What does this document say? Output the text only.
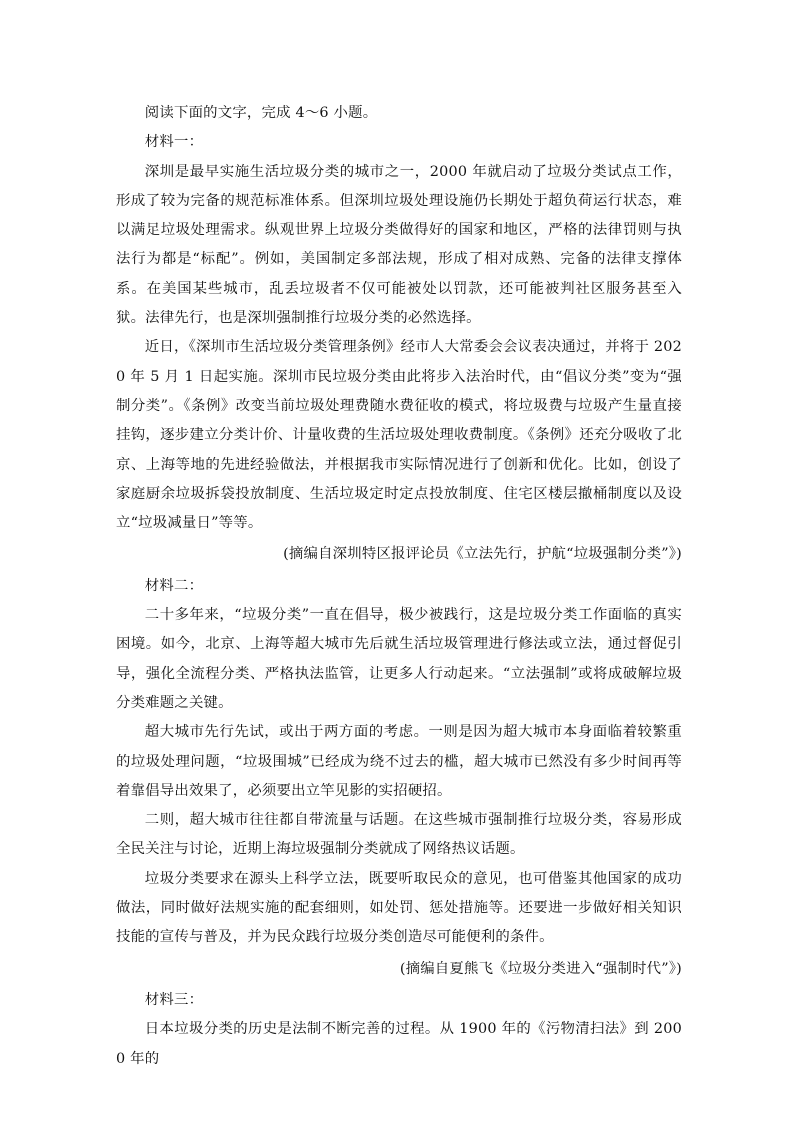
阅读下面的文字，完成 4～6 小题。

材料一：

深圳是最早实施生活垃圾分类的城市之一，2000 年就启动了垃圾分类试点工作，形成了较为完备的规范标准体系。但深圳垃圾处理设施仍长期处于超负荷运行状态，难以满足垃圾处理需求。纵观世界上垃圾分类做得好的国家和地区，严格的法律罚则与执法行为都是“标配”。例如，美国制定多部法规，形成了相对成熟、完备的法律支撑体系。在美国某些城市，乱丢垃圾者不仅可能被处以罚款，还可能被判社区服务甚至入狱。法律先行，也是深圳强制推行垃圾分类的必然选择。

近日，《深圳市生活垃圾分类管理条例》经市人大常委会会议表决通过，并将于 2020 年 5 月 1 日起实施。深圳市民垃圾分类由此将步入法治时代，由“倡议分类”变为“强制分类”。《条例》改变当前垃圾处理费随水费征收的模式，将垃圾费与垃圾产生量直接挂钩，逐步建立分类计价、计量收费的生活垃圾处理收费制度。《条例》还充分吸收了北京、上海等地的先进经验做法，并根据我市实际情况进行了创新和优化。比如，创设了家庭厨余垃圾拆袋投放制度、生活垃圾定时定点投放制度、住宅区楼层撤桶制度以及设立“垃圾减量日”等等。

(摘编自深圳特区报评论员《立法先行，护航“垃圾强制分类”》)

材料二：

二十多年来，“垃圾分类”一直在倡导，极少被践行，这是垃圾分类工作面临的真实困境。如今，北京、上海等超大城市先后就生活垃圾管理进行修法或立法，通过督促引导，强化全流程分类、严格执法监管，让更多人行动起来。“立法强制”或将成破解垃圾分类难题之关键。

超大城市先行先试，或出于两方面的考虑。一则是因为超大城市本身面临着较繁重的垃圾处理问题，“垃圾围城”已经成为绕不过去的槛，超大城市已然没有多少时间再等着靠倡导出效果了，必须要出立竿见影的实招硬招。

二则，超大城市往往都自带流量与话题。在这些城市强制推行垃圾分类，容易形成全民关注与讨论，近期上海垃圾强制分类就成了网络热议话题。

垃圾分类要求在源头上科学立法，既要听取民众的意见，也可借鉴其他国家的成功做法，同时做好法规实施的配套细则，如处罚、惩处措施等。还要进一步做好相关知识技能的宣传与普及，并为民众践行垃圾分类创造尽可能便利的条件。

(摘编自夏熊飞《垃圾分类进入“强制时代”》)

材料三：

日本垃圾分类的历史是法制不断完善的过程。从 1900 年的《污物清扫法》到 2000 年的
